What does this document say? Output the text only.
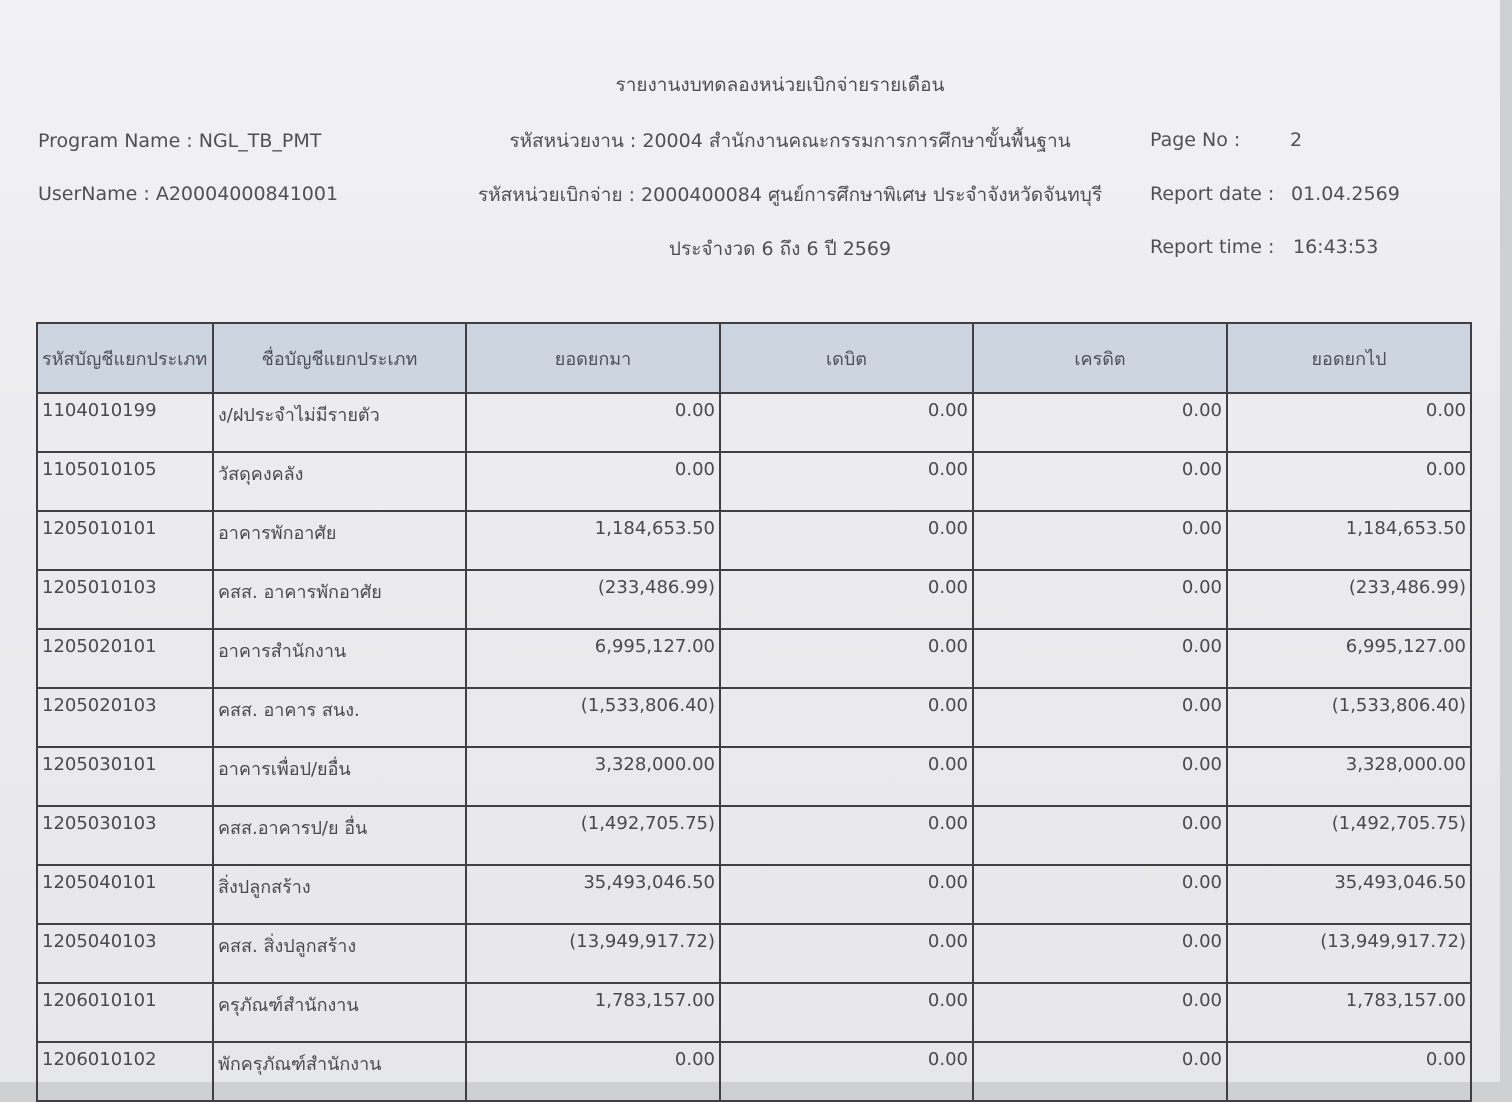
รายงานงบทดลองหน่วยเบิกจ่ายรายเดือน
Program Name : NGL_TB_PMT
UserName : A20004000841001
รหัสหน่วยงาน : 20004 สำนักงานคณะกรรมการการศึกษาขั้นพื้นฐาน
รหัสหน่วยเบิกจ่าย : 2000400084 ศูนย์การศึกษาพิเศษ ประจำจังหวัดจันทบุรี
ประจำงวด 6 ถึง 6 ปี 2569
Page No :	2
Report date : 01.04.2569
Report time : 16:43:53
รหัสบัญชีแยกประเภท	ชื่อบัญชีแยกประเภท	ยอดยกมา	เดบิต	เครดิต	ยอดยกไป
1104010199	ง/ฝประจำไม่มีรายตัว	0.00	0.00	0.00	0.00
1105010105	วัสดุคงคลัง	0.00	0.00	0.00	0.00
1205010101	อาคารพักอาศัย	1,184,653.50	0.00	0.00	1,184,653.50
1205010103	คสส. อาคารพักอาศัย	(233,486.99)	0.00	0.00	(233,486.99)
1205020101	อาคารสำนักงาน	6,995,127.00	0.00	0.00	6,995,127.00
1205020103	คสส. อาคาร สนง.	(1,533,806.40)	0.00	0.00	(1,533,806.40)
1205030101	อาคารเพื่อป/ยอื่น	3,328,000.00	0.00	0.00	3,328,000.00
1205030103	คสส.อาคารป/ย อื่น	(1,492,705.75)	0.00	0.00	(1,492,705.75)
1205040101	สิ่งปลูกสร้าง	35,493,046.50	0.00	0.00	35,493,046.50
1205040103	คสส. สิ่งปลูกสร้าง	(13,949,917.72)	0.00	0.00	(13,949,917.72)
1206010101	ครุภัณฑ์สำนักงาน	1,783,157.00	0.00	0.00	1,783,157.00
1206010102	พักครุภัณฑ์สำนักงาน	0.00	0.00	0.00	0.00
